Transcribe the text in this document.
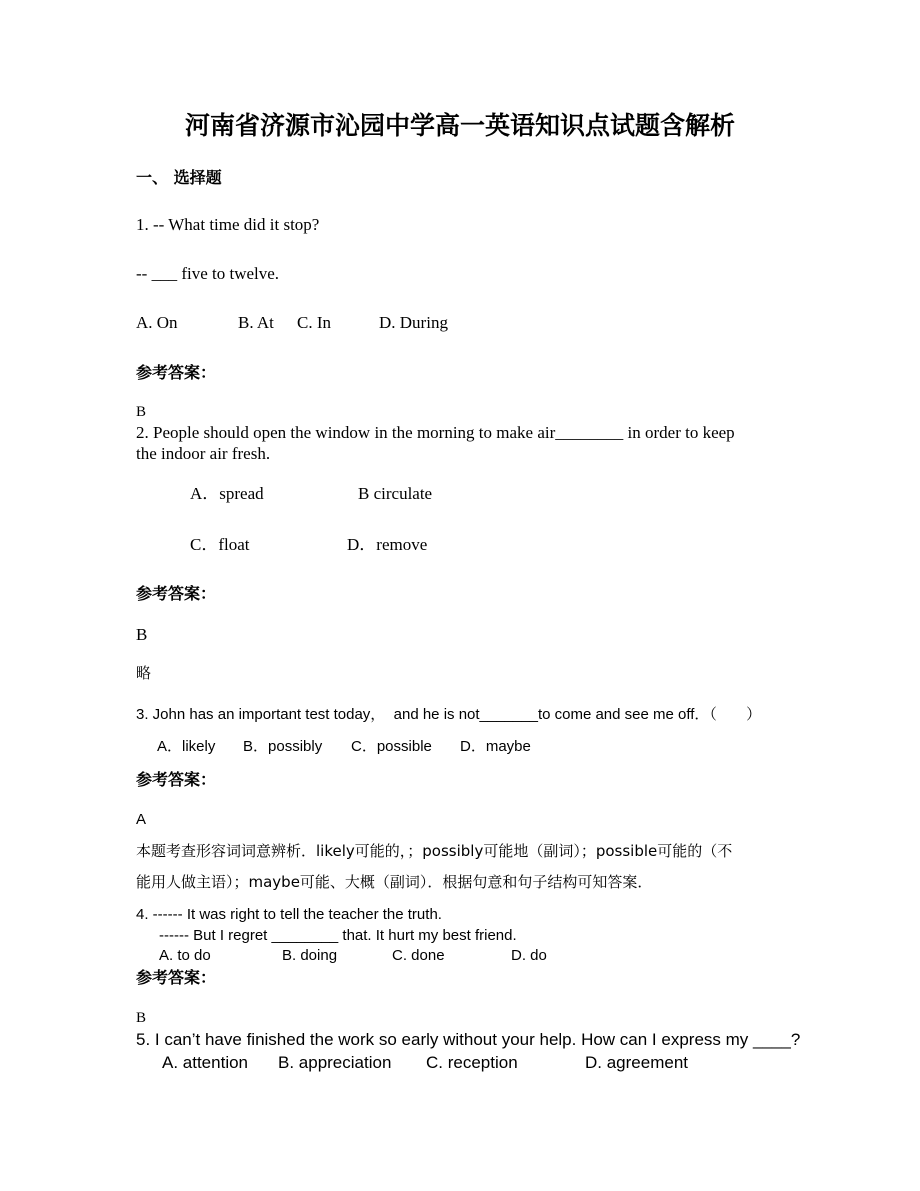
河南省济源市沁园中学高一英语知识点试题含解析
一、 选择题
1. -- What time did it stop?
-- ___ five to twelve.
A. On	B. At C. In	D. During
参考答案：
B
2. People should open the window in the morning to make air________ in order to keep
the indoor air fresh.
A．spread	B circulate
C．float	D．remove
参考答案：
B
略
3. John has an important test today，  and he is not_______to come and see me off．（       ）
A．likely B．possibly C．possible D．maybe
参考答案：
A
本题考查形容词词意辨析．likely可能的，；possibly可能地（副词）；possible可能的（不
能用人做主语）；maybe可能、大概（副词）．根据句意和句子结构可知答案．
4. ------ It was right to tell the teacher the truth.
------ But I regret ________ that. It hurt my best friend.
A. to do	B. doing	C. done	D. do
参考答案：
B
5. I can’t have finished the work so early without your help. How can I express my ____?
A. attention B. appreciation C. reception	D. agreement
